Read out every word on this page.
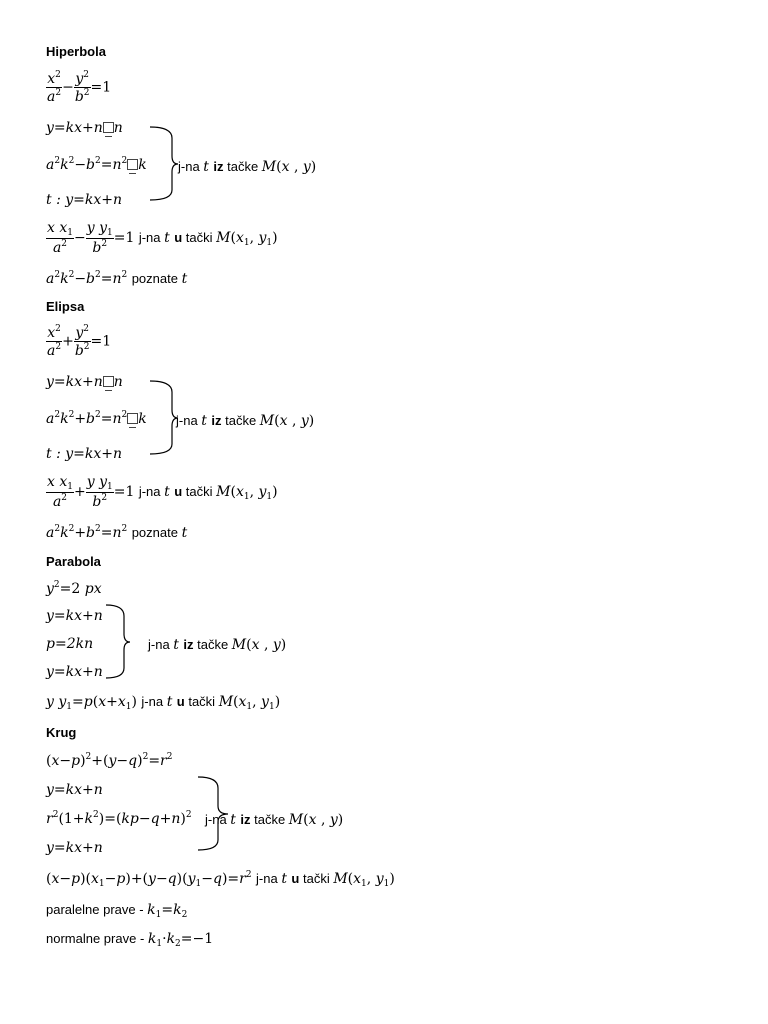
Hiperbola
$\frac{x^2}{a^2} - \frac{y^2}{b^2} =1$
y=kx+n n
$a^2k^2-b^2=n^2$ k
t : y=kx+n
j-na t iz tačke M(x , y)
$\frac{x x_1}{a^2} - \frac{y y_1}{b^2} =1$ j-na t u tački $M(x_1$, $y_1$)
$a^2k^2-b^2=n^2$ poznate t
Elipsa
$\frac{x^2}{a^2} + \frac{y^2}{b^2} =1$
y=kx+n n
$a^2k^2+b^2=n^2$ k
t : y=kx+n
j-na t iz tačke M(x , y)
$\frac{x x_1}{a^2} + \frac{y y_1}{b^2} =1$ j-na t u tački $M(x_1$, $y_1$)
$a^2k^2+b^2=n^2$ poznate t
Parabola
$y^2=2$ px
y=kx+n
p=2kn
y=kx+n
j-na t iz tačke M(x , y)
y $y_1=p(x+x_1)$ j-na t u tački $M(x_1$, $y_1$)
Krug
$(x-p)^2+(y-q)^2=r^2$
y=kx+n
$r^2(1+k^2)=(kp-q+n)^2$
y=kx+n
j-na t iz tačke M(x , y)
$(x-p)(x_1-p)+(y-q)(y_1-q)=r^2$ j-na t u tački $M(x_1$, $y_1$)
paralelne prave - $k_1=k_2$
normalne prave - $k_1\cdot k_2=-1$
